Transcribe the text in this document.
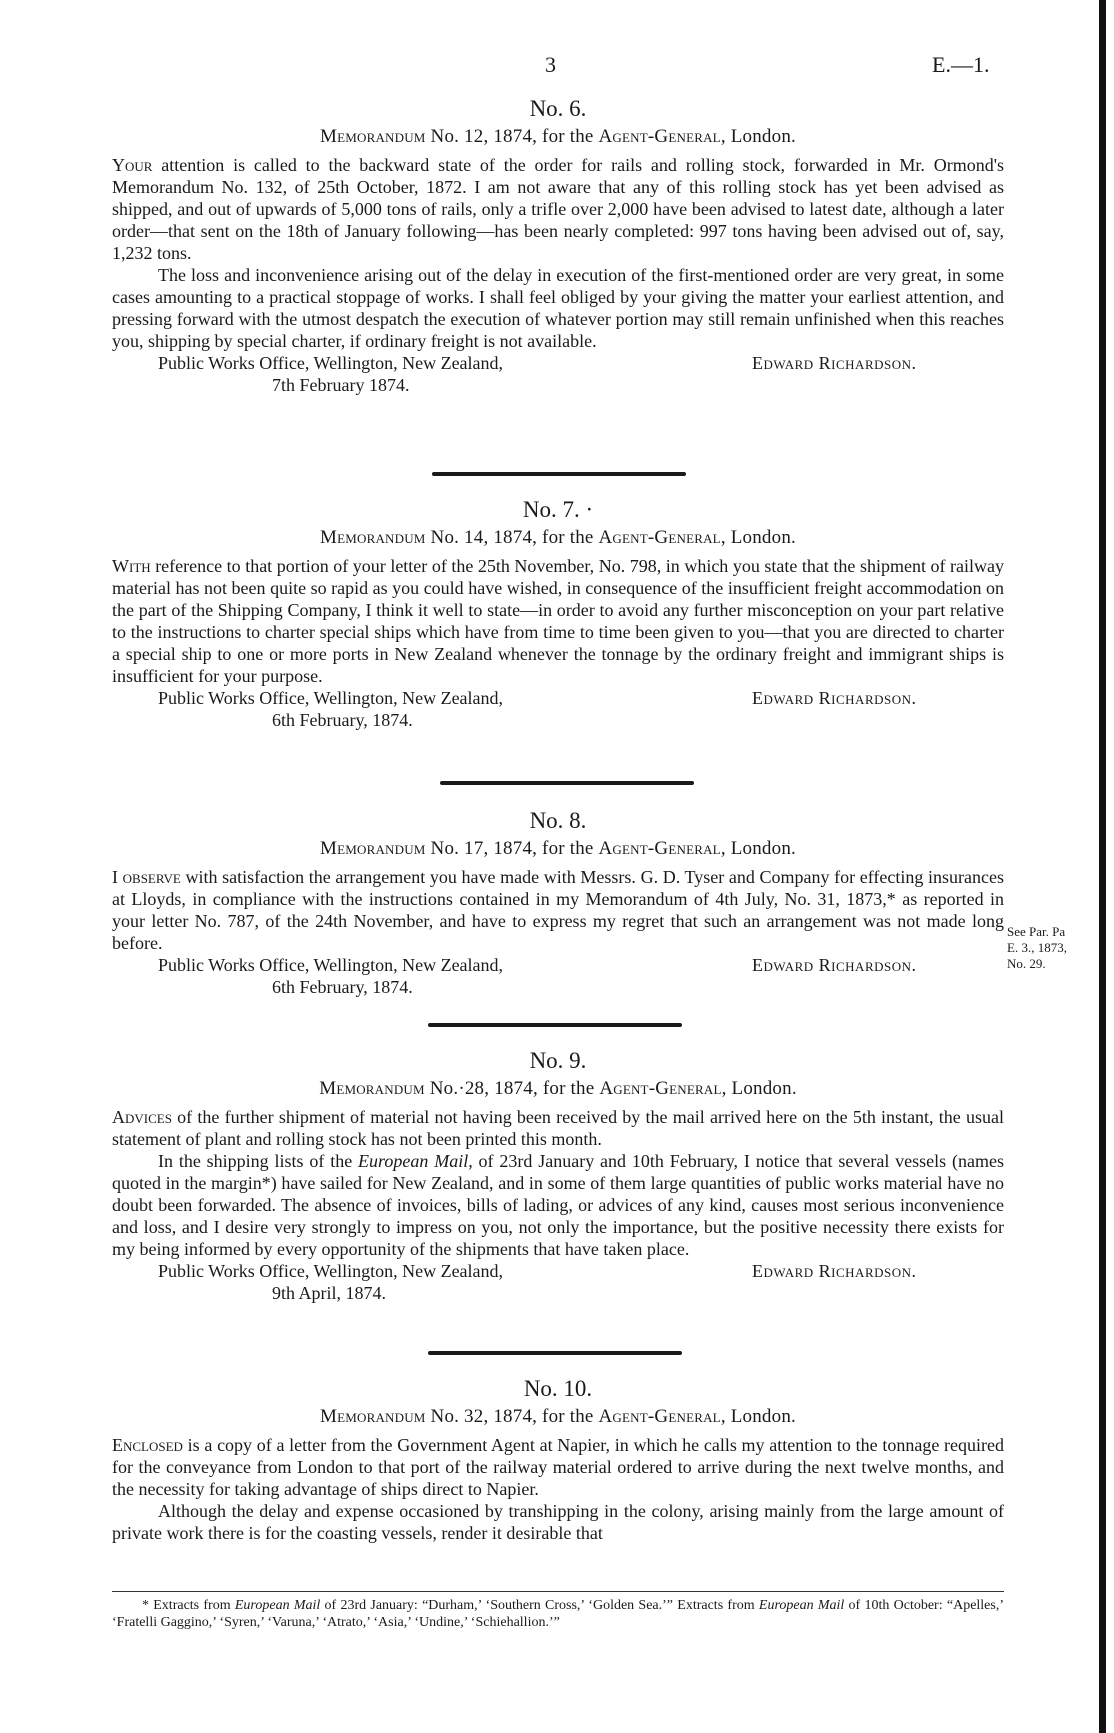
3	E.—1.
No. 6.
Memorandum No. 12, 1874, for the Agent-General, London.

Your attention is called to the backward state of the order for rails and rolling stock, forwarded in Mr. Ormond's Memorandum No. 132, of 25th October, 1872. I am not aware that any of this rolling stock has yet been advised as shipped, and out of upwards of 5,000 tons of rails, only a trifle over 2,000 have been advised to latest date, although a later order—that sent on the 18th of January following—has been nearly completed: 997 tons having been advised out of, say, 1,232 tons.

The loss and inconvenience arising out of the delay in execution of the first-mentioned order are very great, in some cases amounting to a practical stoppage of works. I shall feel obliged by your giving the matter your earliest attention, and pressing forward with the utmost despatch the execution of whatever portion may still remain unfinished when this reaches you, shipping by special charter, if ordinary freight is not available.

Public Works Office, Wellington, New Zealand,
7th February 1874.
Edward Richardson.
No. 7. ·
Memorandum No. 14, 1874, for the Agent-General, London.

With reference to that portion of your letter of the 25th November, No. 798, in which you state that the shipment of railway material has not been quite so rapid as you could have wished, in consequence of the insufficient freight accommodation on the part of the Shipping Company, I think it well to state—in order to avoid any further misconception on your part relative to the instructions to charter special ships which have from time to time been given to you—that you are directed to charter a special ship to one or more ports in New Zealand whenever the tonnage by the ordinary freight and immigrant ships is insufficient for your purpose.

Public Works Office, Wellington, New Zealand,
6th February, 1874.
Edward Richardson.
No. 8.
Memorandum No. 17, 1874, for the Agent-General, London.

I observe with satisfaction the arrangement you have made with Messrs. G. D. Tyser and Company for effecting insurances at Lloyds, in compliance with the instructions contained in my Memorandum of 4th July, No. 31, 1873,* as reported in your letter No. 787, of the 24th November, and have to express my regret that such an arrangement was not made long before.

Public Works Office, Wellington, New Zealand,
6th February, 1874.
Edward Richardson.
See Par. Pa
E. 3., 1873,
No. 29.
No. 9.
Memorandum No.·28, 1874, for the Agent-General, London.

Advices of the further shipment of material not having been received by the mail arrived here on the 5th instant, the usual statement of plant and rolling stock has not been printed this month.

In the shipping lists of the European Mail, of 23rd January and 10th February, I notice that several vessels (names quoted in the margin*) have sailed for New Zealand, and in some of them large quantities of public works material have no doubt been forwarded. The absence of invoices, bills of lading, or advices of any kind, causes most serious inconvenience and loss, and I desire very strongly to impress on you, not only the importance, but the positive necessity there exists for my being informed by every opportunity of the shipments that have taken place.

Public Works Office, Wellington, New Zealand,
9th April, 1874.
Edward Richardson.
No. 10.
Memorandum No. 32, 1874, for the Agent-General, London.

Enclosed is a copy of a letter from the Government Agent at Napier, in which he calls my attention to the tonnage required for the conveyance from London to that port of the railway material ordered to arrive during the next twelve months, and the necessity for taking advantage of ships direct to Napier.

Although the delay and expense occasioned by transhipping in the colony, arising mainly from the large amount of private work there is for the coasting vessels, render it desirable that

* Extracts from European Mail of 23rd January: “Durham,’ ‘Southern Cross,’ ‘Golden Sea.’” Extracts from European Mail of 10th October: “Apelles,’ ‘Fratelli Gaggino,’ ‘Syren,’ ‘Varuna,’ ‘Atrato,’ ‘Asia,’ ‘Undine,’ ‘Schiehallion.’”
